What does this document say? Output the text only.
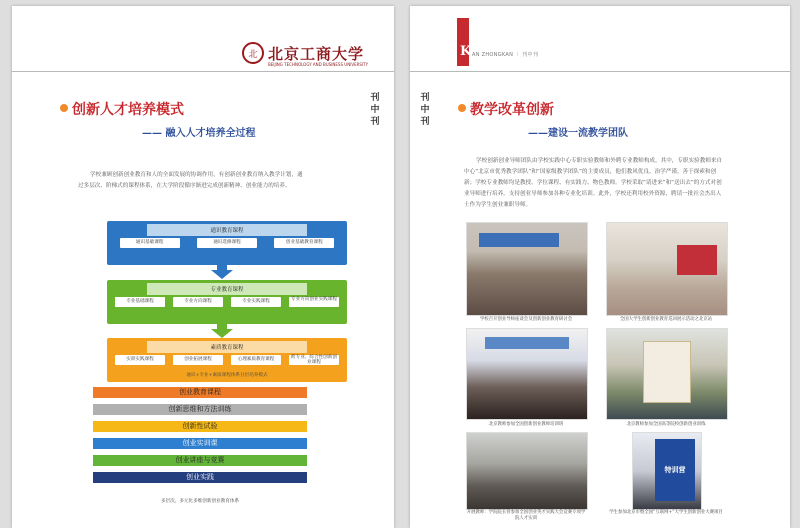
北 北京工商大学
BEIJING TECHNOLOGY AND BUSINESS UNIVERSITY
创新人才培养模式
—— 融入人才培养全过程
刊
中
刊
学校兼顾创新创业教育和人的全面发展的协调作用，有创新创业教育纳入教学计划，通过多层次、阶梯式的课程体系，在大学阶段循序渐进完成创新精神、创业能力的培养。
通识教育课程
通识基础课程	通识选修课程	创业基础教育课程
专业教育课程
专业基础课程	专业方向课程	专业实践课程	专业方向创业实践课程
素质教育课程
实训实践课程	创业拓展课程	心理素质教育课程	跨专业、综合性创新创业课程
通识+专业+素质课程体系分层培养模式
创业教育课程
创新思维和方法训练
创新性试验
创业实训课
创业讲座与竞赛
创业实践
多层次、多元化多维创新创业教育体系
K AN ZHONGKAN ｜ 刊中刊
刊
中
刊
教学改革创新
——建设一流教学团队
学校创新创业导师团队由学校实践中心专职实验教师和外聘专业教师构成。其中，专职实验教师来自中心“北京市优秀教学团队”和“国家级教学团队”的主要成员，他们教风优良、治学严谨，善于探索和创新；学校专业教师均是教授、学位课程、有实践力、物色教师。学校采取“请进来”和“送出去”的方式对创业导师进行培养，支持创业导师参加各种专业化培训。此外，学校还利用校外资源，聘请一批社会杰出人士作为学生创业兼职导师。
学校召开创业导师座谈会及创新创业教育研讨会	全国大学生创新创业教育巡回展示活动之北京站
北京教师参加全国创新创业教师培训班	北京教师参加全国高等院校创新创业训练
开展教师：学院院长曾参加全国创业英才实践大会竞赛专项学院人才实训
特训营
学生参加北京市暨全国“互联网+”大学生创新创业大赛项目
